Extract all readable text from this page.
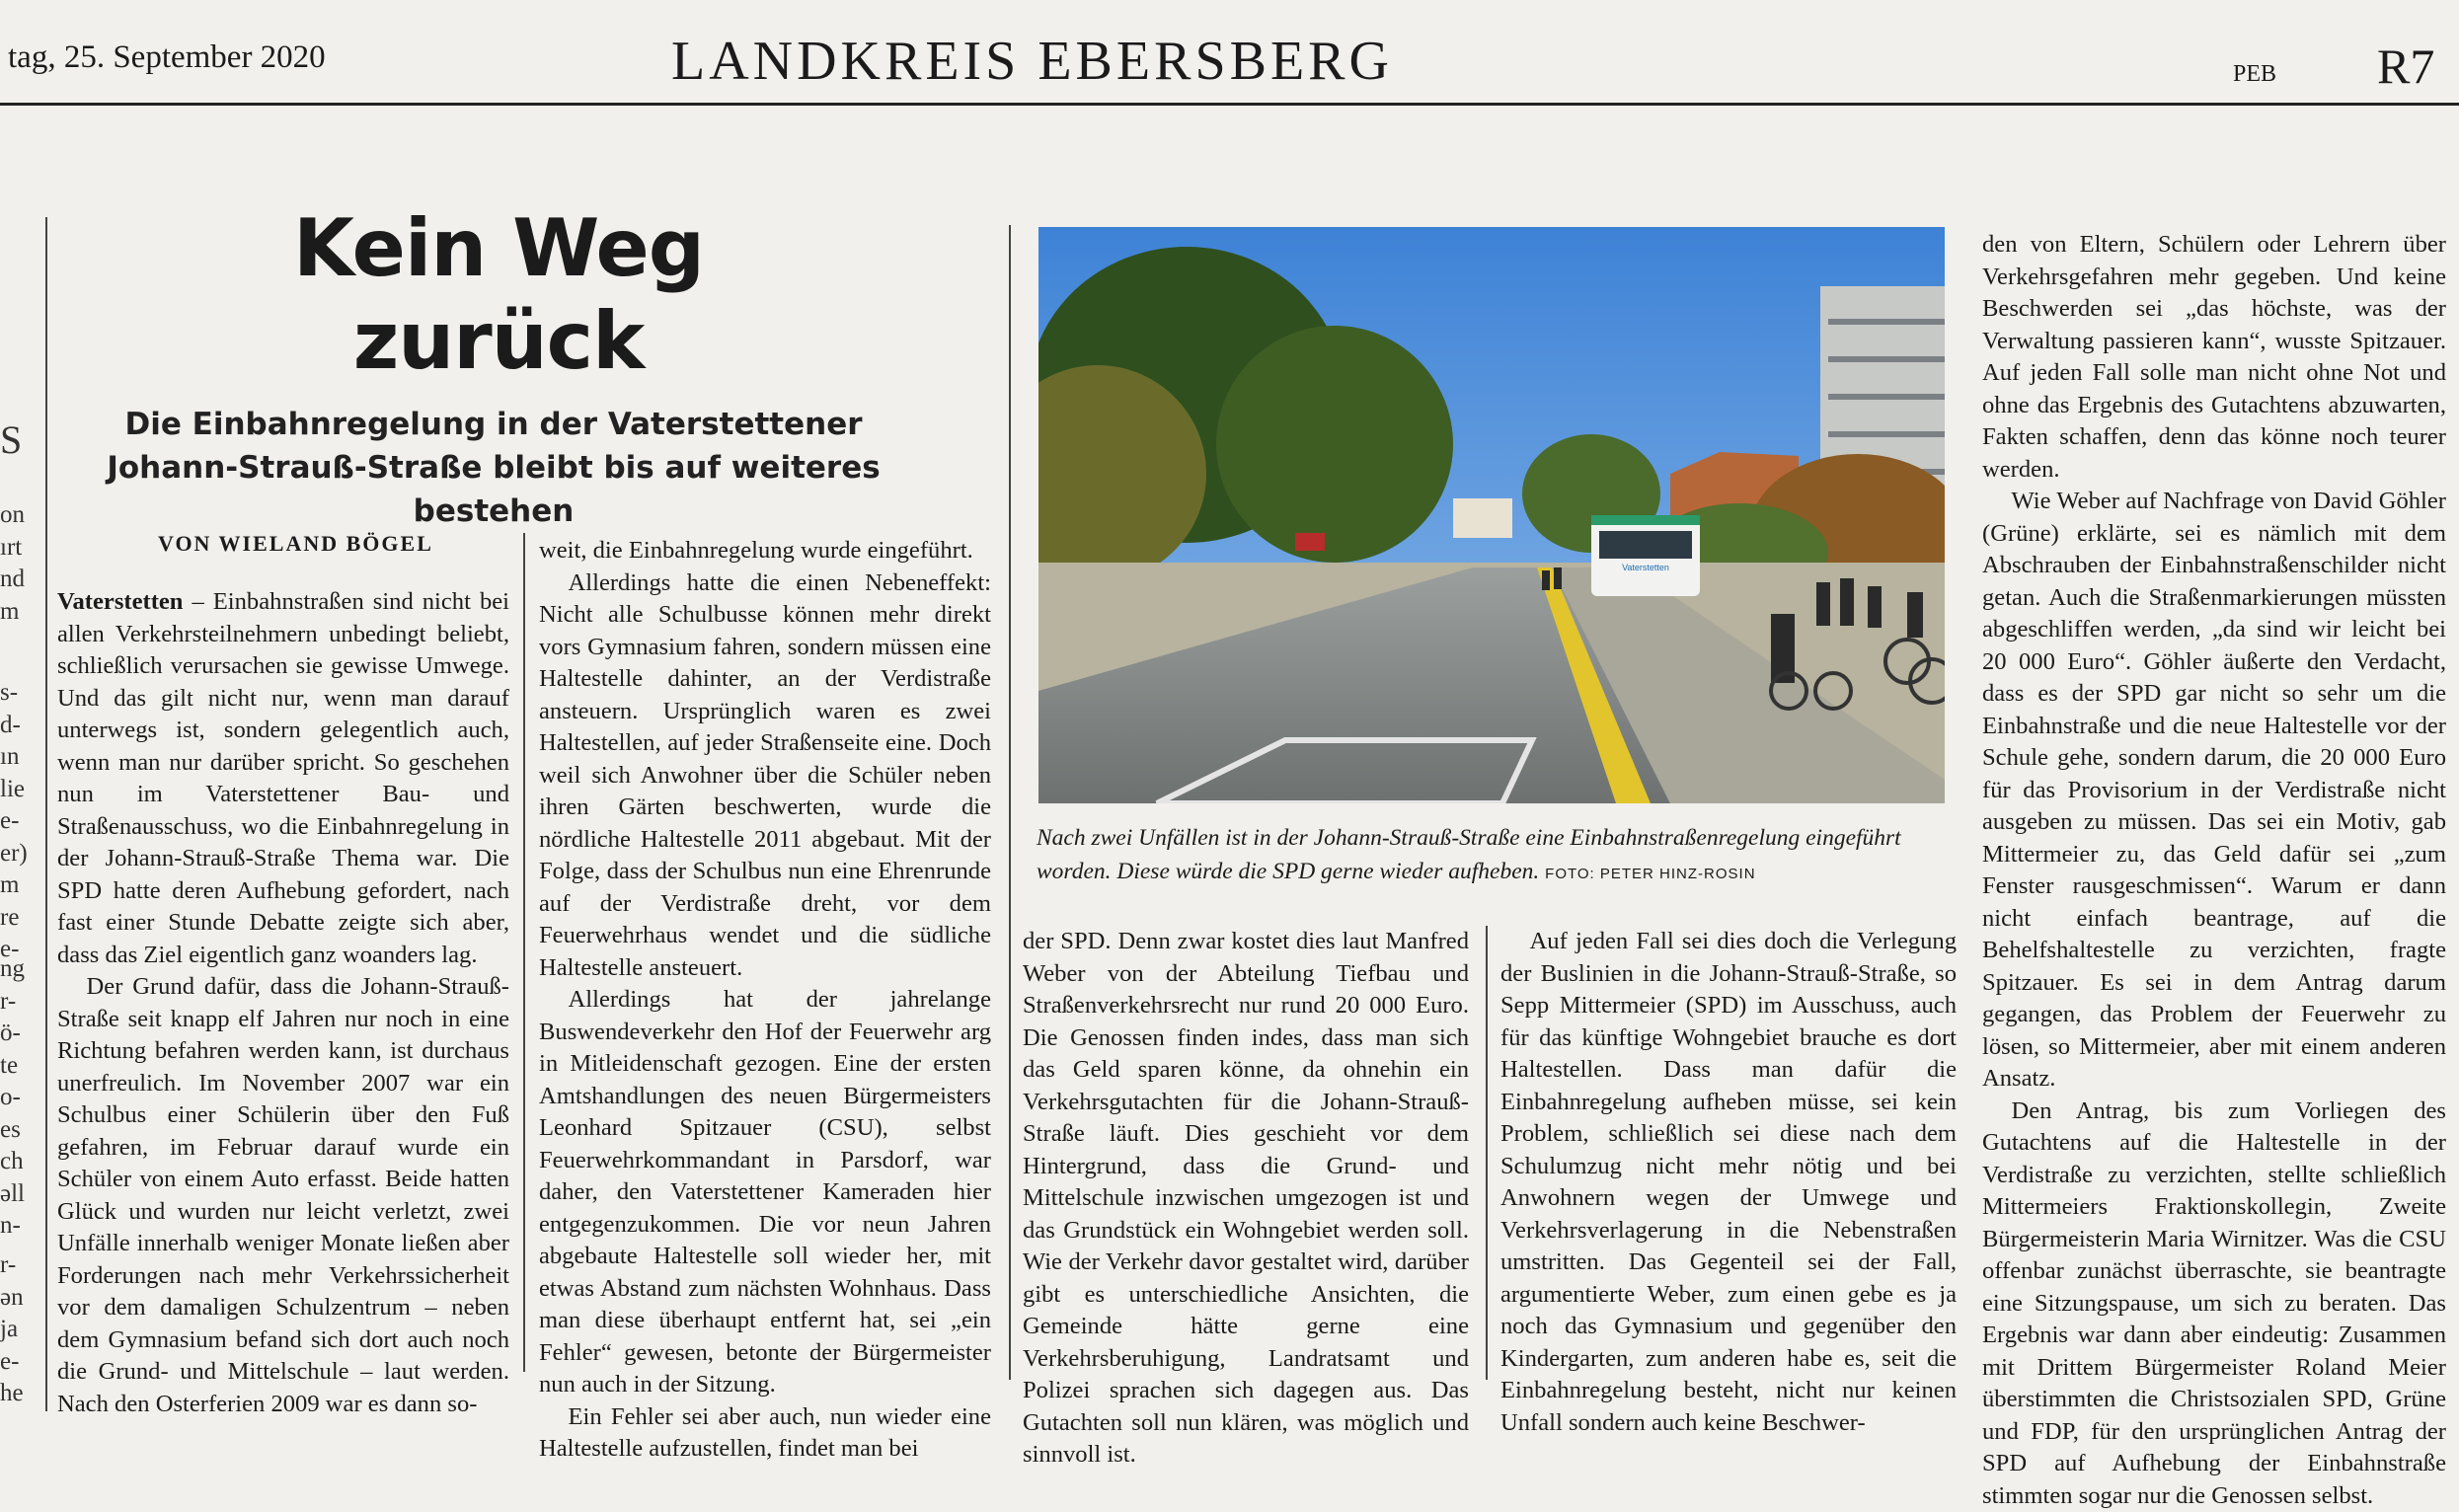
tag, 25. September 2020	LANDKREIS EBERSBERG	PEB R7
S
on
ırt
nd
m
s-
d-
ın
lie
e-
er)
m
re
e-
ng
r-
ö-
te
o-
es
ch
əll
n-
r-
ən
ja
e-
he
Kein Weg
zurück
Die Einbahnregelung in der Vaterstettener
Johann-Strauß-Straße bleibt bis auf weiteres bestehen
VON WIELAND BÖGEL

Vaterstetten – Einbahnstraßen sind nicht bei allen Verkehrsteilnehmern unbedingt beliebt, schließlich verursachen sie gewisse Umwege. Und das gilt nicht nur, wenn man darauf unterwegs ist, sondern gelegentlich auch, wenn man nur darüber spricht. So geschehen nun im Vaterstettener Bau- und Straßenausschuss, wo die Einbahnregelung in der Johann-Strauß-Straße Thema war. Die SPD hatte deren Aufhebung gefordert, nach fast einer Stunde Debatte zeigte sich aber, dass das Ziel eigentlich ganz woanders lag.

Der Grund dafür, dass die Johann-Strauß-Straße seit knapp elf Jahren nur noch in eine Richtung befahren werden kann, ist durchaus unerfreulich. Im November 2007 war ein Schulbus einer Schülerin über den Fuß gefahren, im Februar darauf wurde ein Schüler von einem Auto erfasst. Beide hatten Glück und wurden nur leicht verletzt, zwei Unfälle innerhalb weniger Monate ließen aber Forderungen nach mehr Verkehrssicherheit vor dem damaligen Schulzentrum – neben dem Gymnasium befand sich dort auch noch die Grund- und Mittelschule – laut werden. Nach den Osterferien 2009 war es dann so-

weit, die Einbahnregelung wurde eingeführt.

Allerdings hatte die einen Nebeneffekt: Nicht alle Schulbusse können mehr direkt vors Gymnasium fahren, sondern müssen eine Haltestelle dahinter, an der Verdistraße ansteuern. Ursprünglich waren es zwei Haltestellen, auf jeder Straßenseite eine. Doch weil sich Anwohner über die Schüler neben ihren Gärten beschwerten, wurde die nördliche Haltestelle 2011 abgebaut. Mit der Folge, dass der Schulbus nun eine Ehrenrunde auf der Verdistraße dreht, vor dem Feuerwehrhaus wendet und die südliche Haltestelle ansteuert.

Allerdings hat der jahrelange Buswendeverkehr den Hof der Feuerwehr arg in Mitleidenschaft gezogen. Eine der ersten Amtshandlungen des neuen Bürgermeisters Leonhard Spitzauer (CSU), selbst Feuerwehrkommandant in Parsdorf, war daher, den Vaterstettener Kameraden hier entgegenzukommen. Die vor neun Jahren abgebaute Haltestelle soll wieder her, mit etwas Abstand zum nächsten Wohnhaus. Dass man diese überhaupt entfernt hat, sei „ein Fehler“ gewesen, betonte der Bürgermeister nun auch in der Sitzung.

Ein Fehler sei aber auch, nun wieder eine Haltestelle aufzustellen, findet man bei

Vaterstetten
Nach zwei Unfällen ist in der Johann-Strauß-Straße eine Einbahnstraßenregelung eingeführt worden. Diese würde die SPD gerne wieder aufheben. FOTO: PETER HINZ-ROSIN

der SPD. Denn zwar kostet dies laut Manfred Weber von der Abteilung Tiefbau und Straßenverkehrsrecht nur rund 20 000 Euro. Die Genossen finden indes, dass man sich das Geld sparen könne, da ohnehin ein Verkehrsgutachten für die Johann-Strauß-Straße läuft. Dies geschieht vor dem Hintergrund, dass die Grund- und Mittelschule inzwischen umgezogen ist und das Grundstück ein Wohngebiet werden soll. Wie der Verkehr davor gestaltet wird, darüber gibt es unterschiedliche Ansichten, die Gemeinde hätte gerne eine Verkehrsberuhigung, Landratsamt und Polizei sprachen sich dagegen aus. Das Gutachten soll nun klären, was möglich und sinnvoll ist.

Auf jeden Fall sei dies doch die Verlegung der Buslinien in die Johann-Strauß-Straße, so Sepp Mittermeier (SPD) im Ausschuss, auch für das künftige Wohngebiet brauche es dort Haltestellen. Dass man dafür die Einbahnregelung aufheben müsse, sei kein Problem, schließlich sei diese nach dem Schulumzug nicht mehr nötig und bei Anwohnern wegen der Umwege und Verkehrsverlagerung in die Nebenstraßen umstritten. Das Gegenteil sei der Fall, argumentierte Weber, zum einen gebe es ja noch das Gymnasium und gegenüber den Kindergarten, zum anderen habe es, seit die Einbahnregelung besteht, nicht nur keinen Unfall sondern auch keine Beschwer-

den von Eltern, Schülern oder Lehrern über Verkehrsgefahren mehr gegeben. Und keine Beschwerden sei „das höchste, was der Verwaltung passieren kann“, wusste Spitzauer. Auf jeden Fall solle man nicht ohne Not und ohne das Ergebnis des Gutachtens abzuwarten, Fakten schaffen, denn das könne noch teurer werden.

Wie Weber auf Nachfrage von David Göhler (Grüne) erklärte, sei es nämlich mit dem Abschrauben der Einbahnstraßenschilder nicht getan. Auch die Straßenmarkierungen müssten abgeschliffen werden, „da sind wir leicht bei 20 000 Euro“. Göhler äußerte den Verdacht, dass es der SPD gar nicht so sehr um die Einbahnstraße und die neue Haltestelle vor der Schule gehe, sondern darum, die 20 000 Euro für das Provisorium in der Verdistraße nicht ausgeben zu müssen. Das sei ein Motiv, gab Mittermeier zu, das Geld dafür sei „zum Fenster rausgeschmissen“. Warum er dann nicht einfach beantrage, auf die Behelfshaltestelle zu verzichten, fragte Spitzauer. Es sei in dem Antrag darum gegangen, das Problem der Feuerwehr zu lösen, so Mittermeier, aber mit einem anderen Ansatz.

Den Antrag, bis zum Vorliegen des Gutachtens auf die Haltestelle in der Verdistraße zu verzichten, stellte schließlich Mittermeiers Fraktionskollegin, Zweite Bürgermeisterin Maria Wirnitzer. Was die CSU offenbar zunächst überraschte, sie beantragte eine Sitzungspause, um sich zu beraten. Das Ergebnis war dann aber eindeutig: Zusammen mit Drittem Bürgermeister Roland Meier überstimmten die Christsozialen SPD, Grüne und FDP, für den ursprünglichen Antrag der SPD auf Aufhebung der Einbahnstraße stimmten sogar nur die Genossen selbst.
